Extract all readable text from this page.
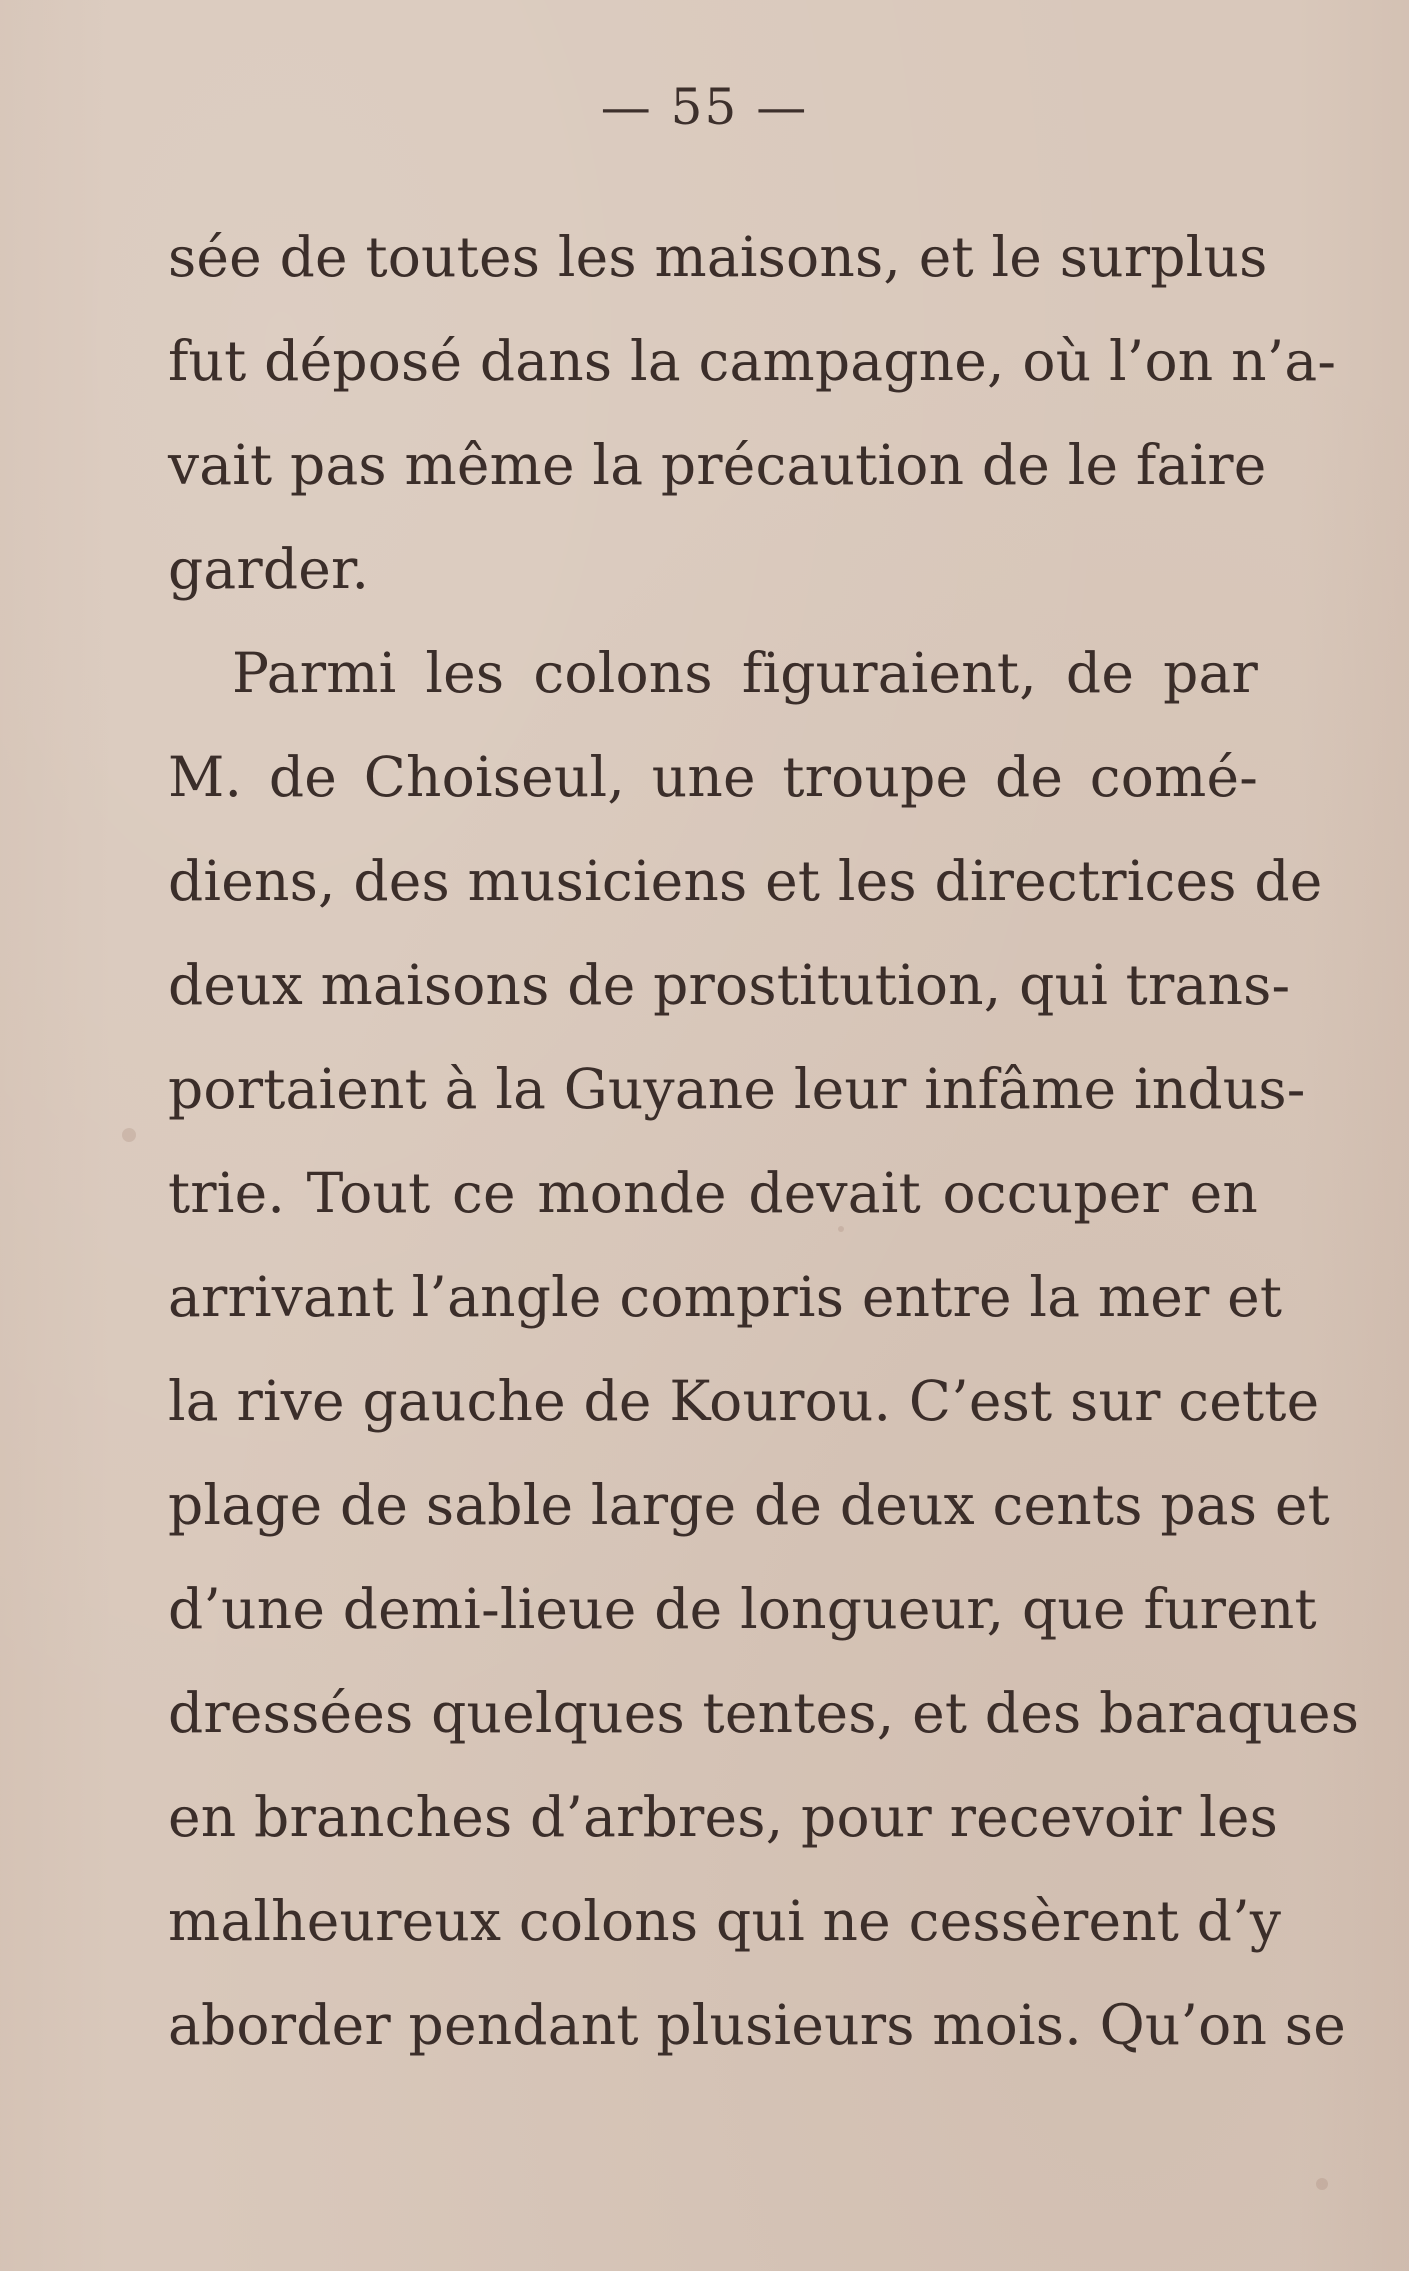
— 55 —
sée de toutes les maisons, et le surplus
fut déposé dans la campagne, où l’on n’a-
vait pas même la précaution de le faire
garder.
Parmi les colons figuraient, de par
M. de Choiseul, une troupe de comé-
diens, des musiciens et les directrices de
deux maisons de prostitution, qui trans-
portaient à la Guyane leur infâme indus-
trie. Tout ce monde devait occuper en
arrivant l’angle compris entre la mer et
la rive gauche de Kourou. C’est sur cette
plage de sable large de deux cents pas et
d’une demi-lieue de longueur, que furent
dressées quelques tentes, et des baraques
en branches d’arbres, pour recevoir les
malheureux colons qui ne cessèrent d’y
aborder pendant plusieurs mois. Qu’on se
